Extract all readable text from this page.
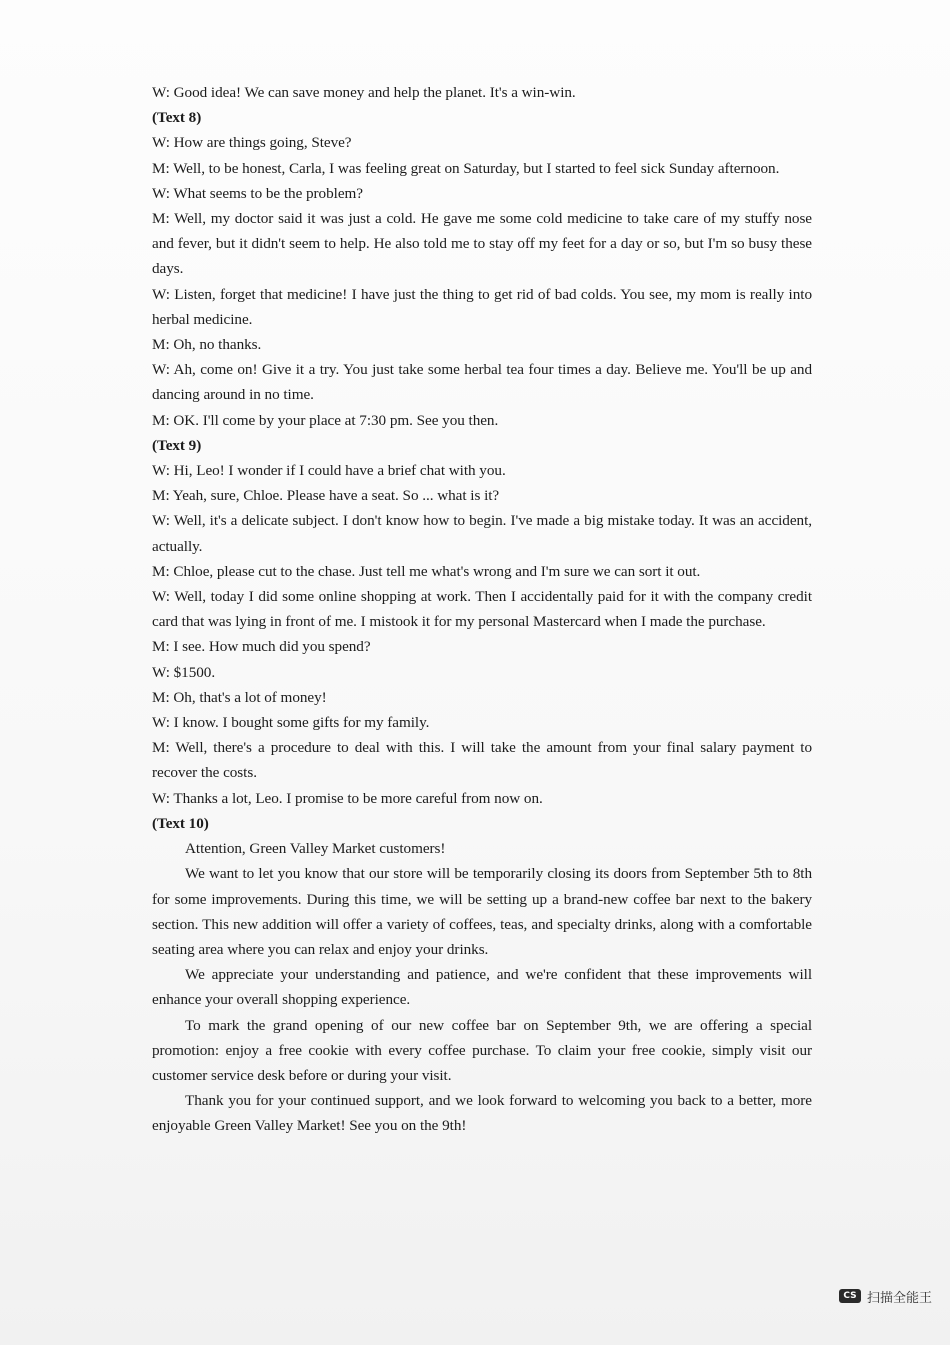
W: Good idea! We can save money and help the planet. It's a win-win.

(Text 8)

W: How are things going, Steve?

M: Well, to be honest, Carla, I was feeling great on Saturday, but I started to feel sick Sunday afternoon.

W: What seems to be the problem?

M: Well, my doctor said it was just a cold. He gave me some cold medicine to take care of my stuffy nose and fever, but it didn't seem to help. He also told me to stay off my feet for a day or so, but I'm so busy these days.

W: Listen, forget that medicine! I have just the thing to get rid of bad colds. You see, my mom is really into herbal medicine.

M: Oh, no thanks.

W: Ah, come on! Give it a try. You just take some herbal tea four times a day. Believe me. You'll be up and dancing around in no time.

M: OK. I'll come by your place at 7:30 pm. See you then.

(Text 9)

W: Hi, Leo! I wonder if I could have a brief chat with you.

M: Yeah, sure, Chloe. Please have a seat. So ... what is it?

W: Well, it's a delicate subject. I don't know how to begin. I've made a big mistake today. It was an accident, actually.

M: Chloe, please cut to the chase. Just tell me what's wrong and I'm sure we can sort it out.

W: Well, today I did some online shopping at work. Then I accidentally paid for it with the company credit card that was lying in front of me. I mistook it for my personal Mastercard when I made the purchase.

M: I see. How much did you spend?

W: $1500.

M: Oh, that's a lot of money!

W: I know. I bought some gifts for my family.

M: Well, there's a procedure to deal with this. I will take the amount from your final salary payment to recover the costs.

W: Thanks a lot, Leo. I promise to be more careful from now on.

(Text 10)

Attention, Green Valley Market customers!

We want to let you know that our store will be temporarily closing its doors from September 5th to 8th for some improvements. During this time, we will be setting up a brand-new coffee bar next to the bakery section. This new addition will offer a variety of coffees, teas, and specialty drinks, along with a comfortable seating area where you can relax and enjoy your drinks.

We appreciate your understanding and patience, and we're confident that these improvements will enhance your overall shopping experience.

To mark the grand opening of our new coffee bar on September 9th, we are offering a special promotion: enjoy a free cookie with every coffee purchase. To claim your free cookie, simply visit our customer service desk before or during your visit.

Thank you for your continued support, and we look forward to welcoming you back to a better, more enjoyable Green Valley Market! See you on the 9th!

CS 扫描全能王
